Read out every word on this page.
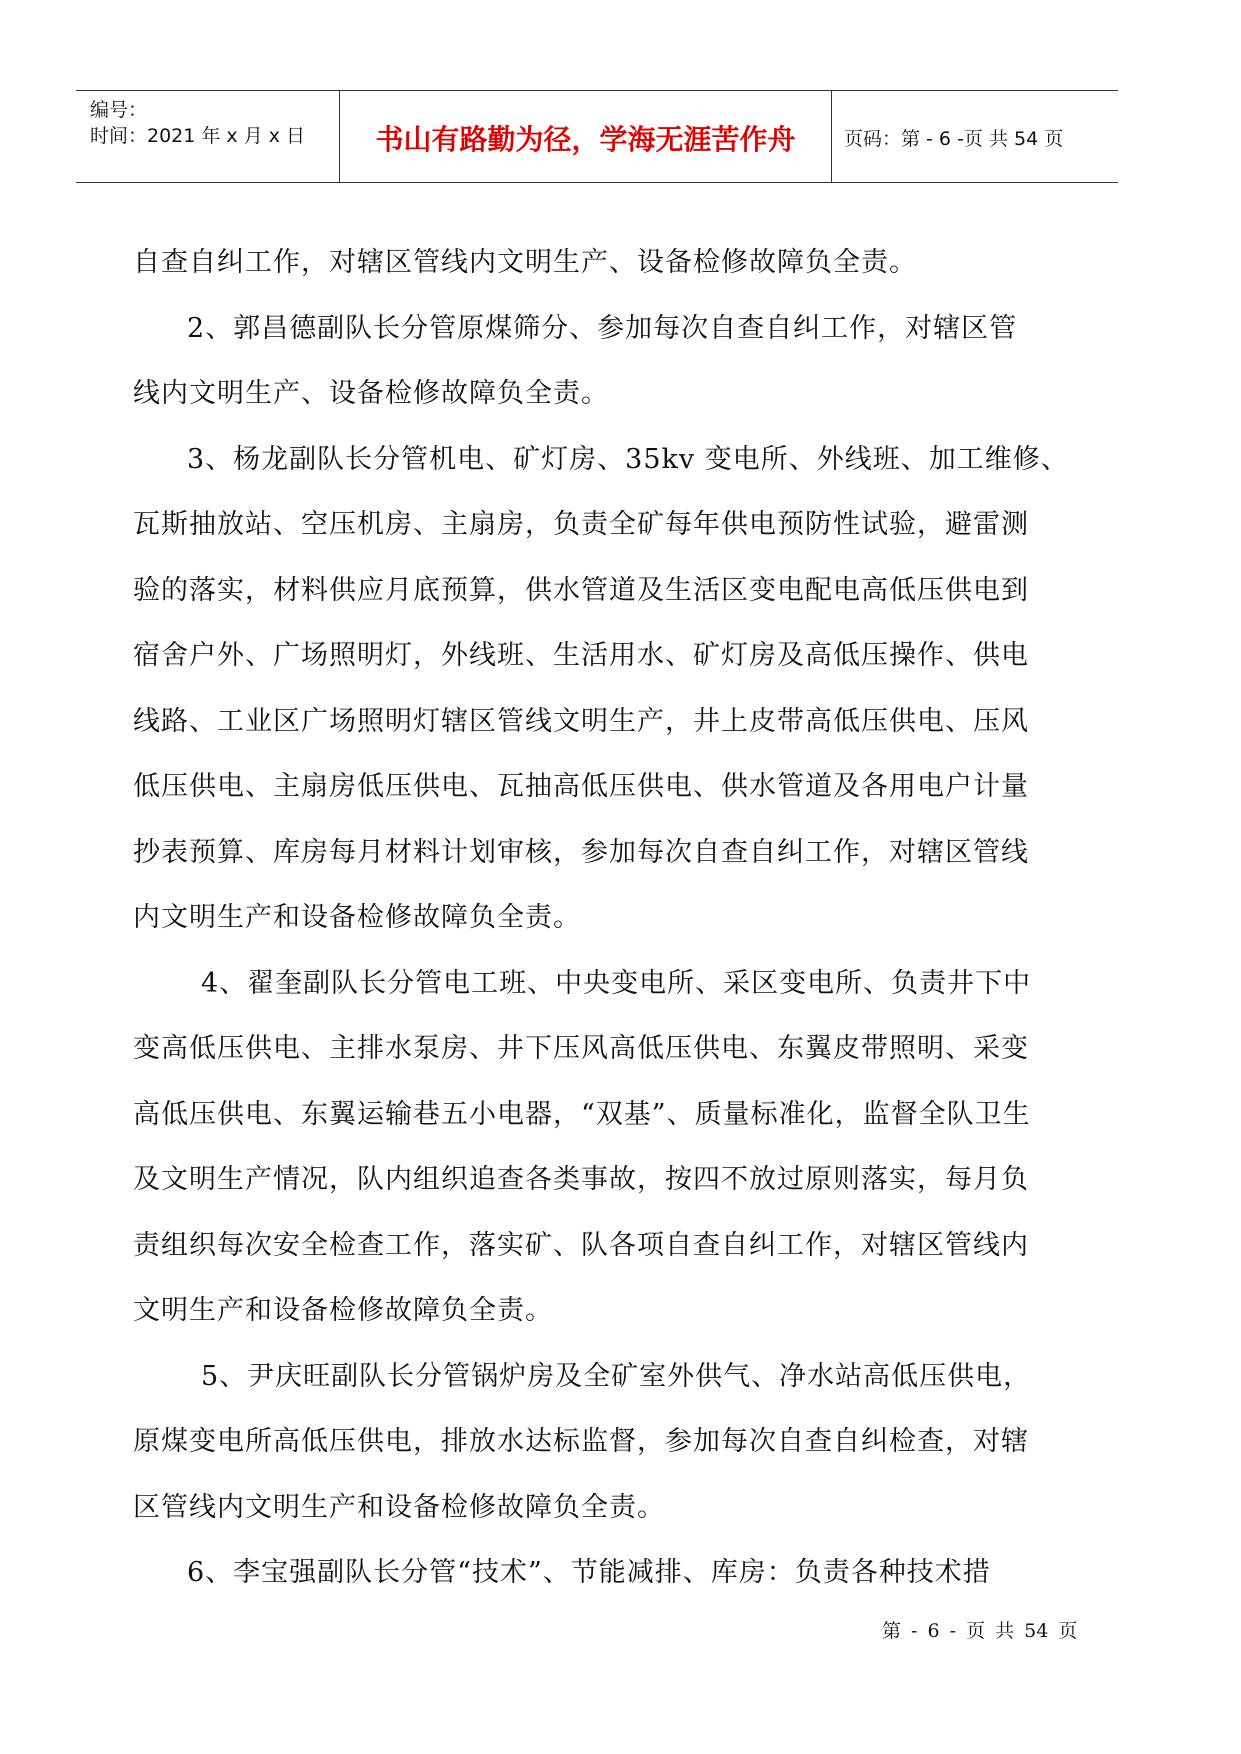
编号：
时间：2021 年 x 月 x 日	书山有路勤为径，学海无涯苦作舟	页码：第 - 6 -页 共 54 页

自查自纠工作，对辖区管线内文明生产、设备检修故障负全责。

2、郭昌德副队长分管原煤筛分、参加每次自查自纠工作，对辖区管

线内文明生产、设备检修故障负全责。

3、杨龙副队长分管机电、矿灯房、35kv 变电所、外线班、加工维修、

瓦斯抽放站、空压机房、主扇房，负责全矿每年供电预防性试验，避雷测

验的落实，材料供应月底预算，供水管道及生活区变电配电高低压供电到

宿舍户外、广场照明灯，外线班、生活用水、矿灯房及高低压操作、供电

线路、工业区广场照明灯辖区管线文明生产，井上皮带高低压供电、压风

低压供电、主扇房低压供电、瓦抽高低压供电、供水管道及各用电户计量

抄表预算、库房每月材料计划审核，参加每次自查自纠工作，对辖区管线

内文明生产和设备检修故障负全责。

4、翟奎副队长分管电工班、中央变电所、采区变电所、负责井下中

变高低压供电、主排水泵房、井下压风高低压供电、东翼皮带照明、采变

高低压供电、东翼运输巷五小电器，“双基”、质量标准化，监督全队卫生

及文明生产情况，队内组织追查各类事故，按四不放过原则落实，每月负

责组织每次安全检查工作，落实矿、队各项自查自纠工作，对辖区管线内

文明生产和设备检修故障负全责。

5、尹庆旺副队长分管锅炉房及全矿室外供气、净水站高低压供电，

原煤变电所高低压供电，排放水达标监督，参加每次自查自纠检查，对辖

区管线内文明生产和设备检修故障负全责。

6、李宝强副队长分管“技术”、节能减排、库房：负责各种技术措

第 - 6 - 页 共 54 页
